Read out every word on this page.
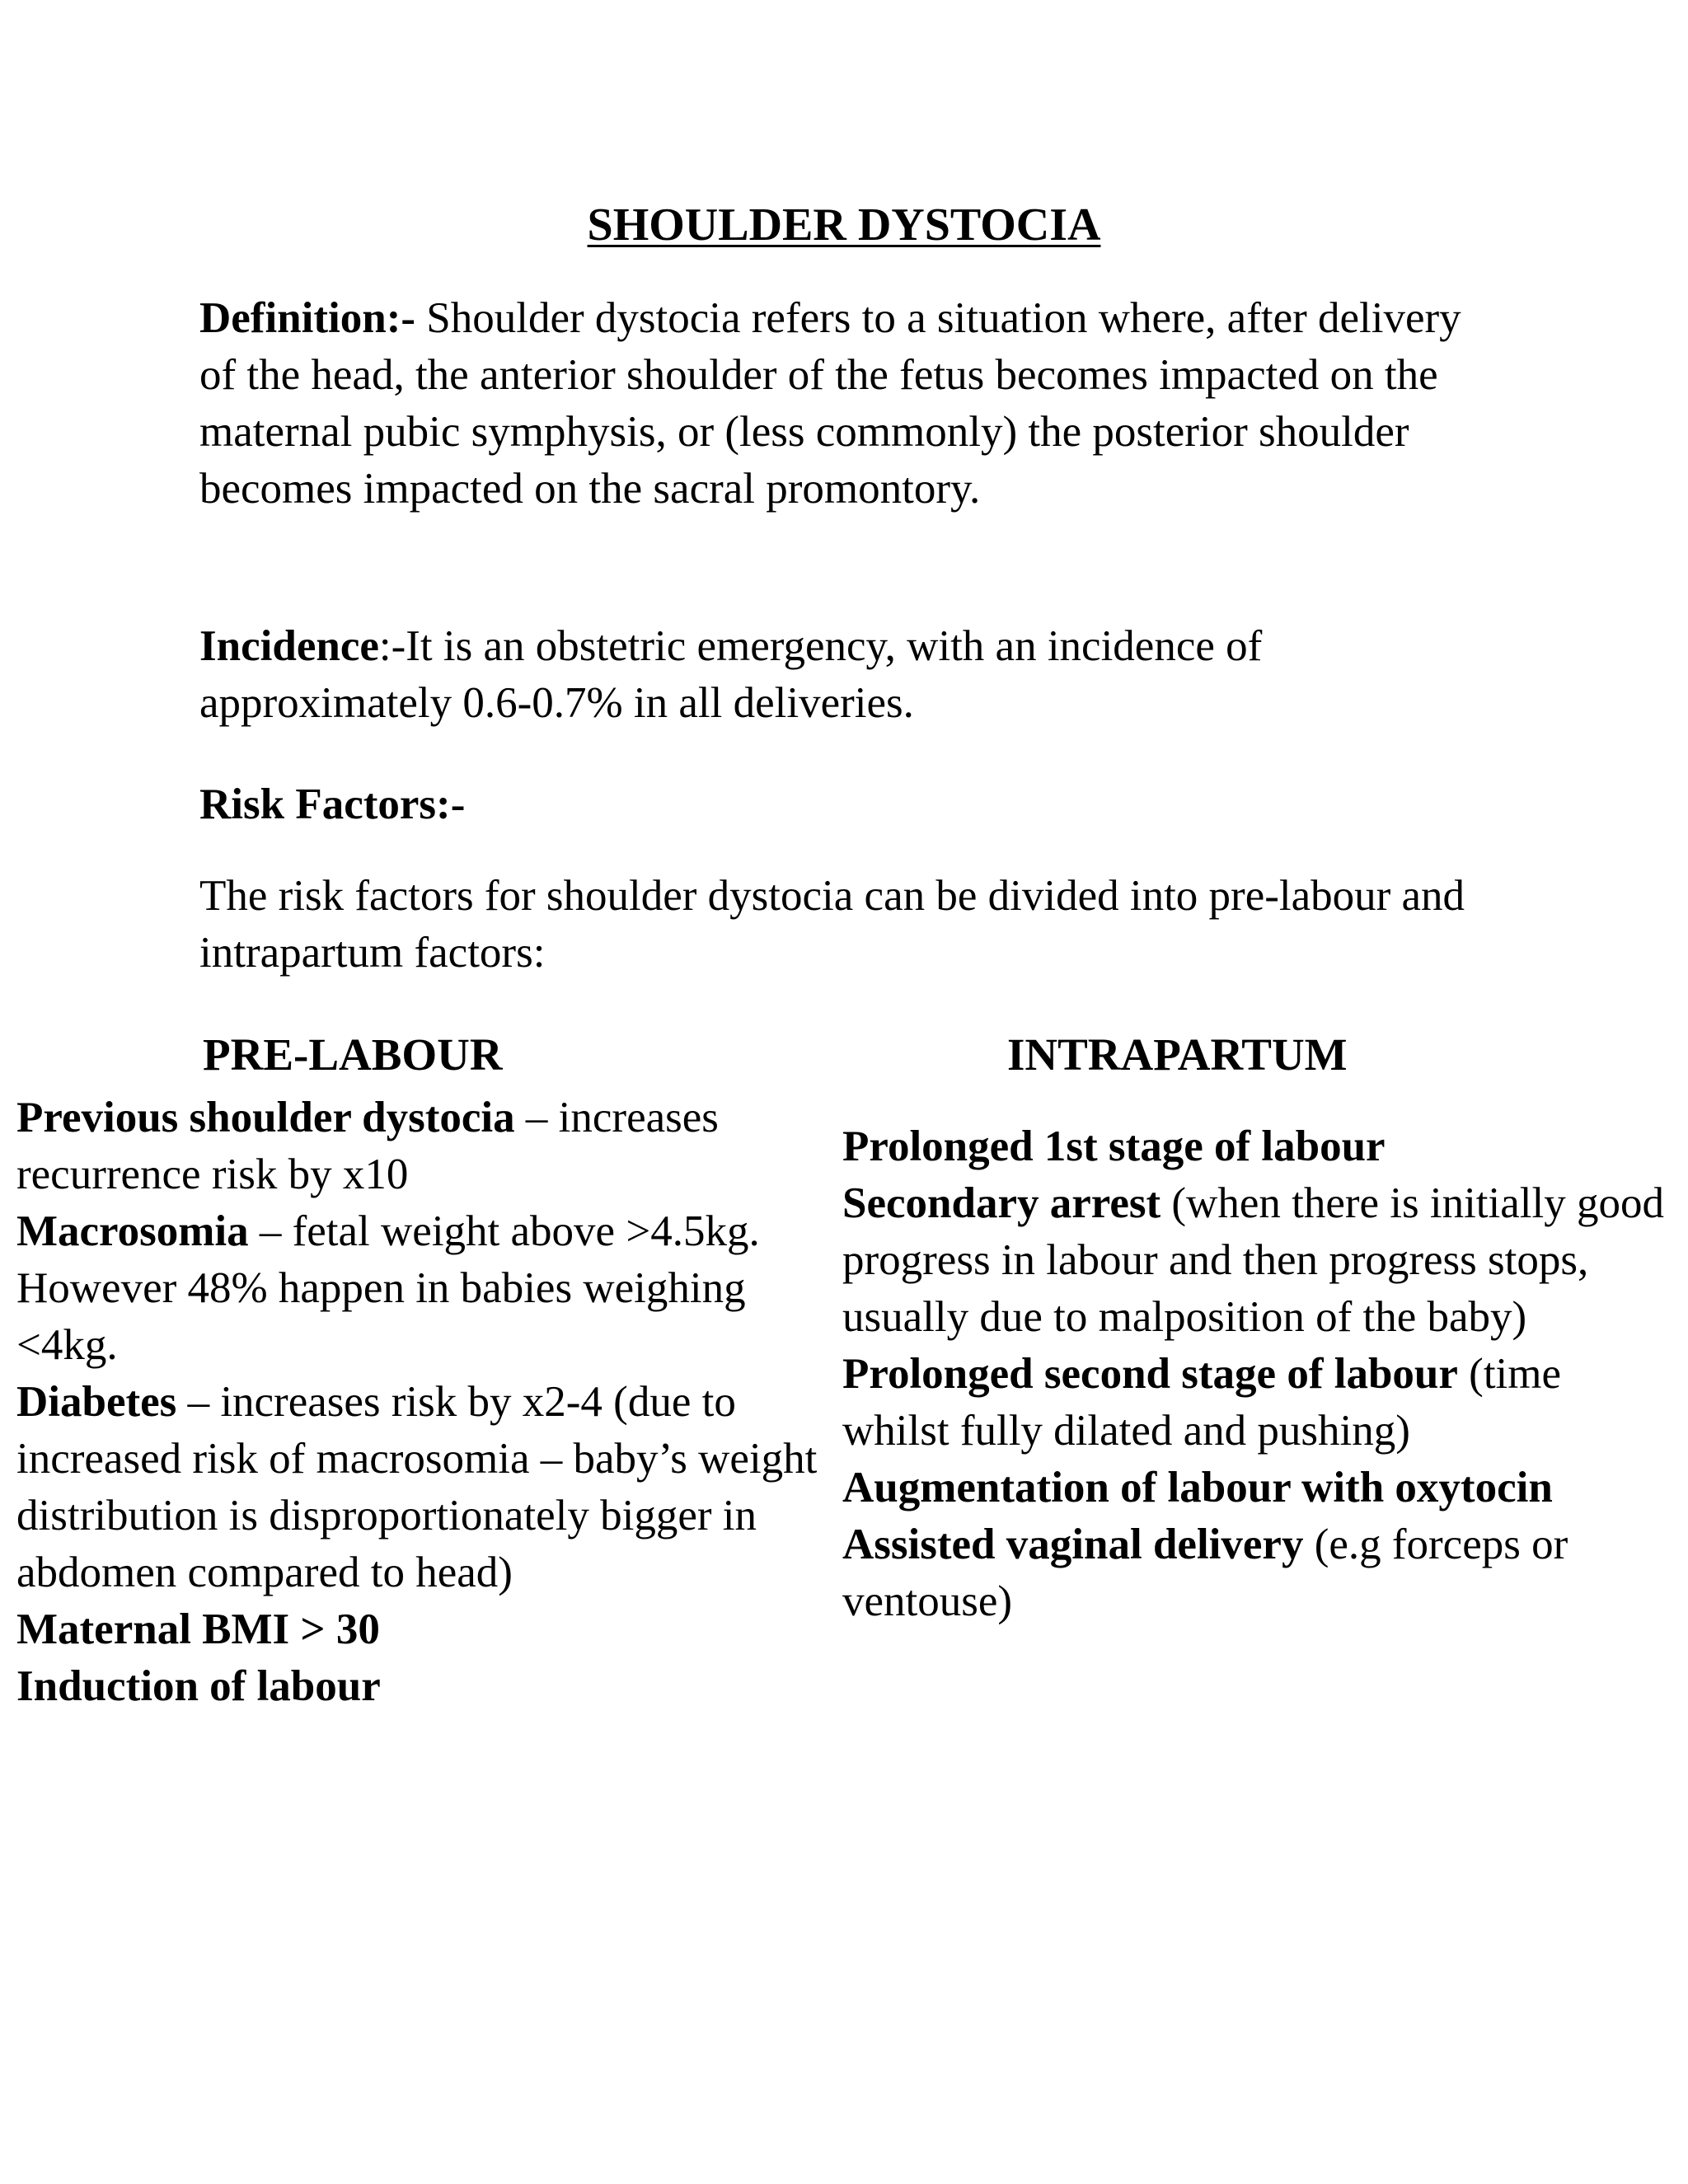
SHOULDER DYSTOCIA

Definition:- Shoulder dystocia refers to a situation where, after delivery of the head, the anterior shoulder of the fetus becomes impacted on the maternal pubic symphysis, or (less commonly) the posterior shoulder becomes impacted on the sacral promontory.

Incidence:-It is an obstetric emergency, with an incidence of approximately 0.6-0.7% in all deliveries.

Risk Factors:-

The risk factors for shoulder dystocia can be divided into pre-labour and intrapartum factors:

PRE-LABOUR	INTRAPARTUM
Previous shoulder dystocia – increases recurrence risk by x10
Macrosomia – fetal weight above >4.5kg. However 48% happen in babies weighing <4kg.
Diabetes – increases risk by x2-4 (due to increased risk of macrosomia – baby’s weight distribution is disproportionately bigger in abdomen compared to head)
Maternal BMI > 30
Induction of labour
Prolonged 1st stage of labour
Secondary arrest (when there is initially good progress in labour and then progress stops, usually due to malposition of the baby)
Prolonged second stage of labour (time whilst fully dilated and pushing)
Augmentation of labour with oxytocin
Assisted vaginal delivery (e.g forceps or ventouse)
